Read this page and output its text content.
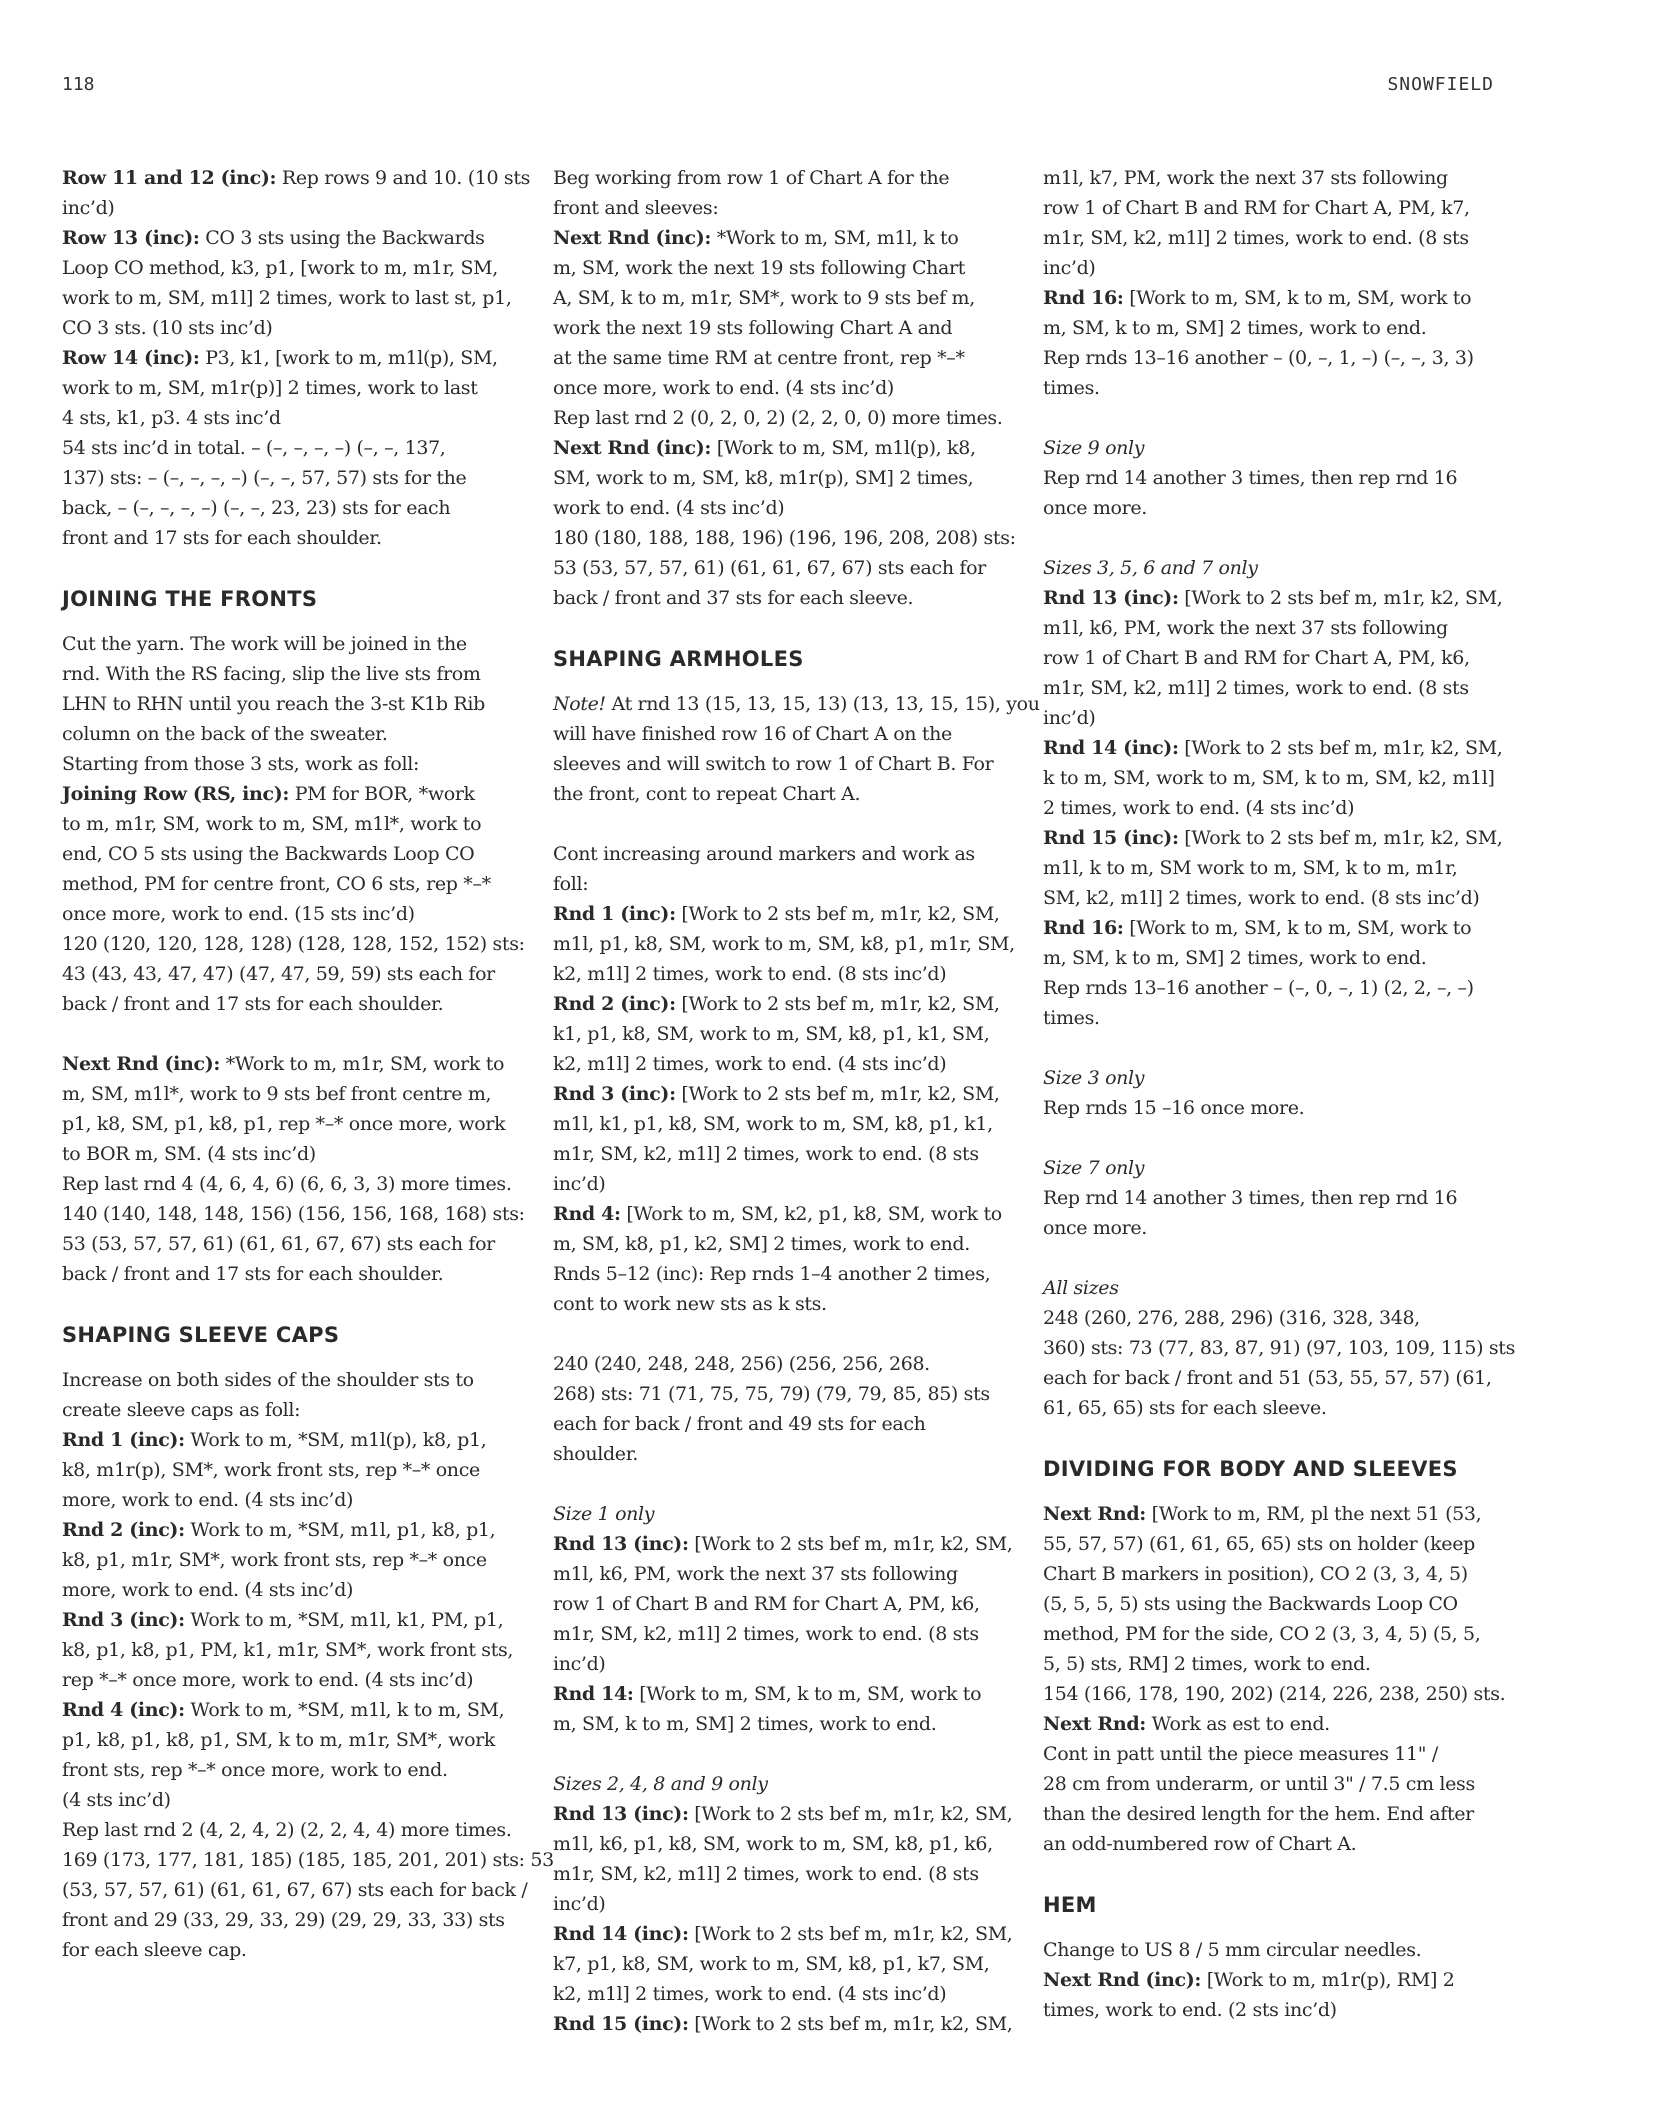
118	SNOWFIELD
Row 11 and 12 (inc): Rep rows 9 and 10. (10 sts
inc’d)
Row 13 (inc): CO 3 sts using the Backwards
Loop CO method, k3, p1, [work to m, m1r, SM,
work to m, SM, m1l] 2 times, work to last st, p1,
CO 3 sts. (10 sts inc’d)
Row 14 (inc): P3, k1, [work to m, m1l(p), SM,
work to m, SM, m1r(p)] 2 times, work to last
4 sts, k1, p3. 4 sts inc’d
54 sts inc’d in total. – (–, –, –, –) (–, –, 137,
137) sts: – (–, –, –, –) (–, –, 57, 57) sts for the
back, – (–, –, –, –) (–, –, 23, 23) sts for each
front and 17 sts for each shoulder.
JOINING THE FRONTS
Cut the yarn. The work will be joined in the
rnd. With the RS facing, slip the live sts from
LHN to RHN until you reach the 3-st K1b Rib
column on the back of the sweater.
Starting from those 3 sts, work as foll:
Joining Row (RS, inc): PM for BOR, *work
to m, m1r, SM, work to m, SM, m1l*, work to
end, CO 5 sts using the Backwards Loop CO
method, PM for centre front, CO 6 sts, rep *–*
once more, work to end. (15 sts inc’d)
120 (120, 120, 128, 128) (128, 128, 152, 152) sts:
43 (43, 43, 47, 47) (47, 47, 59, 59) sts each for
back / front and 17 sts for each shoulder.
Next Rnd (inc): *Work to m, m1r, SM, work to
m, SM, m1l*, work to 9 sts bef front centre m,
p1, k8, SM, p1, k8, p1, rep *–* once more, work
to BOR m, SM. (4 sts inc’d)
Rep last rnd 4 (4, 6, 4, 6) (6, 6, 3, 3) more times.
140 (140, 148, 148, 156) (156, 156, 168, 168) sts:
53 (53, 57, 57, 61) (61, 61, 67, 67) sts each for
back / front and 17 sts for each shoulder.
SHAPING SLEEVE CAPS
Increase on both sides of the shoulder sts to
create sleeve caps as foll:
Rnd 1 (inc): Work to m, *SM, m1l(p), k8, p1,
k8, m1r(p), SM*, work front sts, rep *–* once
more, work to end. (4 sts inc’d)
Rnd 2 (inc): Work to m, *SM, m1l, p1, k8, p1,
k8, p1, m1r, SM*, work front sts, rep *–* once
more, work to end. (4 sts inc’d)
Rnd 3 (inc): Work to m, *SM, m1l, k1, PM, p1,
k8, p1, k8, p1, PM, k1, m1r, SM*, work front sts,
rep *–* once more, work to end. (4 sts inc’d)
Rnd 4 (inc): Work to m, *SM, m1l, k to m, SM,
p1, k8, p1, k8, p1, SM, k to m, m1r, SM*, work
front sts, rep *–* once more, work to end.
(4 sts inc’d)
Rep last rnd 2 (4, 2, 4, 2) (2, 2, 4, 4) more times.
169 (173, 177, 181, 185) (185, 185, 201, 201) sts: 53
(53, 57, 57, 61) (61, 61, 67, 67) sts each for back /
front and 29 (33, 29, 33, 29) (29, 29, 33, 33) sts
for each sleeve cap.
Beg working from row 1 of Chart A for the
front and sleeves:
Next Rnd (inc): *Work to m, SM, m1l, k to
m, SM, work the next 19 sts following Chart
A, SM, k to m, m1r, SM*, work to 9 sts bef m,
work the next 19 sts following Chart A and
at the same time RM at centre front, rep *–*
once more, work to end. (4 sts inc’d)
Rep last rnd 2 (0, 2, 0, 2) (2, 2, 0, 0) more times.
Next Rnd (inc): [Work to m, SM, m1l(p), k8,
SM, work to m, SM, k8, m1r(p), SM] 2 times,
work to end. (4 sts inc’d)
180 (180, 188, 188, 196) (196, 196, 208, 208) sts:
53 (53, 57, 57, 61) (61, 61, 67, 67) sts each for
back / front and 37 sts for each sleeve.
SHAPING ARMHOLES
Note! At rnd 13 (15, 13, 15, 13) (13, 13, 15, 15), you
will have finished row 16 of Chart A on the
sleeves and will switch to row 1 of Chart B. For
the front, cont to repeat Chart A.
Cont increasing around markers and work as
foll:
Rnd 1 (inc): [Work to 2 sts bef m, m1r, k2, SM,
m1l, p1, k8, SM, work to m, SM, k8, p1, m1r, SM,
k2, m1l] 2 times, work to end. (8 sts inc’d)
Rnd 2 (inc): [Work to 2 sts bef m, m1r, k2, SM,
k1, p1, k8, SM, work to m, SM, k8, p1, k1, SM,
k2, m1l] 2 times, work to end. (4 sts inc’d)
Rnd 3 (inc): [Work to 2 sts bef m, m1r, k2, SM,
m1l, k1, p1, k8, SM, work to m, SM, k8, p1, k1,
m1r, SM, k2, m1l] 2 times, work to end. (8 sts
inc’d)
Rnd 4: [Work to m, SM, k2, p1, k8, SM, work to
m, SM, k8, p1, k2, SM] 2 times, work to end.
Rnds 5–12 (inc): Rep rnds 1–4 another 2 times,
cont to work new sts as k sts.
240 (240, 248, 248, 256) (256, 256, 268.
268) sts: 71 (71, 75, 75, 79) (79, 79, 85, 85) sts
each for back / front and 49 sts for each
shoulder.
Size 1 only
Rnd 13 (inc): [Work to 2 sts bef m, m1r, k2, SM,
m1l, k6, PM, work the next 37 sts following
row 1 of Chart B and RM for Chart A, PM, k6,
m1r, SM, k2, m1l] 2 times, work to end. (8 sts
inc’d)
Rnd 14: [Work to m, SM, k to m, SM, work to
m, SM, k to m, SM] 2 times, work to end.
Sizes 2, 4, 8 and 9 only
Rnd 13 (inc): [Work to 2 sts bef m, m1r, k2, SM,
m1l, k6, p1, k8, SM, work to m, SM, k8, p1, k6,
m1r, SM, k2, m1l] 2 times, work to end. (8 sts
inc’d)
Rnd 14 (inc): [Work to 2 sts bef m, m1r, k2, SM,
k7, p1, k8, SM, work to m, SM, k8, p1, k7, SM,
k2, m1l] 2 times, work to end. (4 sts inc’d)
Rnd 15 (inc): [Work to 2 sts bef m, m1r, k2, SM,
m1l, k7, PM, work the next 37 sts following
row 1 of Chart B and RM for Chart A, PM, k7,
m1r, SM, k2, m1l] 2 times, work to end. (8 sts
inc’d)
Rnd 16: [Work to m, SM, k to m, SM, work to
m, SM, k to m, SM] 2 times, work to end.
Rep rnds 13–16 another – (0, –, 1, –) (–, –, 3, 3)
times.
Size 9 only
Rep rnd 14 another 3 times, then rep rnd 16
once more.
Sizes 3, 5, 6 and 7 only
Rnd 13 (inc): [Work to 2 sts bef m, m1r, k2, SM,
m1l, k6, PM, work the next 37 sts following
row 1 of Chart B and RM for Chart A, PM, k6,
m1r, SM, k2, m1l] 2 times, work to end. (8 sts
inc’d)
Rnd 14 (inc): [Work to 2 sts bef m, m1r, k2, SM,
k to m, SM, work to m, SM, k to m, SM, k2, m1l]
2 times, work to end. (4 sts inc’d)
Rnd 15 (inc): [Work to 2 sts bef m, m1r, k2, SM,
m1l, k to m, SM work to m, SM, k to m, m1r,
SM, k2, m1l] 2 times, work to end. (8 sts inc’d)
Rnd 16: [Work to m, SM, k to m, SM, work to
m, SM, k to m, SM] 2 times, work to end.
Rep rnds 13–16 another – (–, 0, –, 1) (2, 2, –, –)
times.
Size 3 only
Rep rnds 15 –16 once more.
Size 7 only
Rep rnd 14 another 3 times, then rep rnd 16
once more.
All sizes
248 (260, 276, 288, 296) (316, 328, 348,
360) sts: 73 (77, 83, 87, 91) (97, 103, 109, 115) sts
each for back / front and 51 (53, 55, 57, 57) (61,
61, 65, 65) sts for each sleeve.
DIVIDING FOR BODY AND SLEEVES
Next Rnd: [Work to m, RM, pl the next 51 (53,
55, 57, 57) (61, 61, 65, 65) sts on holder (keep
Chart B markers in position), CO 2 (3, 3, 4, 5)
(5, 5, 5, 5) sts using the Backwards Loop CO
method, PM for the side, CO 2 (3, 3, 4, 5) (5, 5,
5, 5) sts, RM] 2 times, work to end.
154 (166, 178, 190, 202) (214, 226, 238, 250) sts.
Next Rnd: Work as est to end.
Cont in patt until the piece measures 11" /
28 cm from underarm, or until 3" / 7.5 cm less
than the desired length for the hem. End after
an odd-numbered row of Chart A.
HEM
Change to US 8 / 5 mm circular needles.
Next Rnd (inc): [Work to m, m1r(p), RM] 2
times, work to end. (2 sts inc’d)
